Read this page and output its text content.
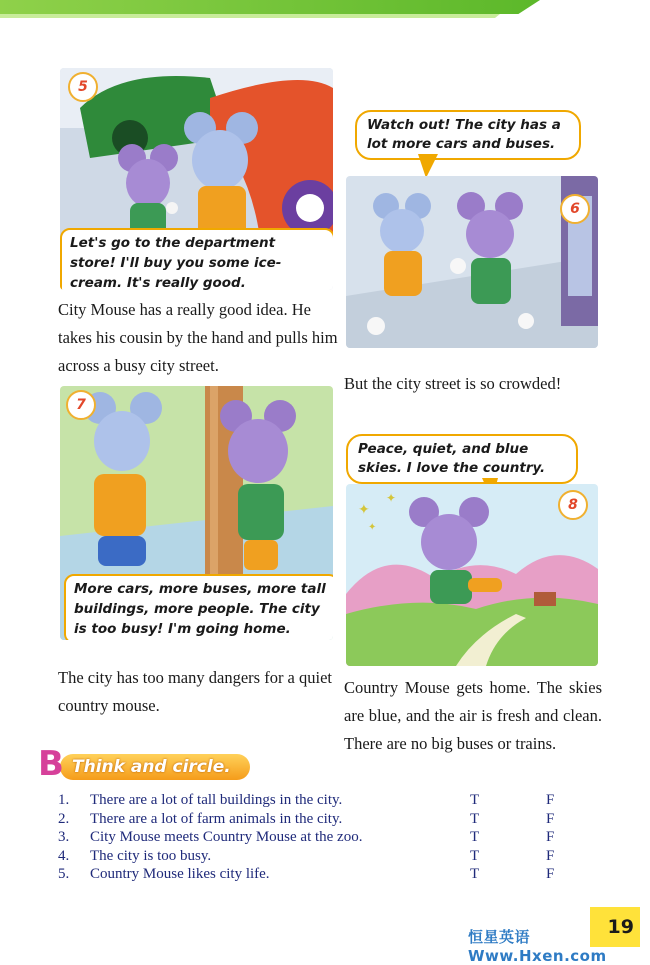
5
Let's go to the department store! I'll buy you some ice-cream. It's really good.
City Mouse has a really good idea. He takes his cousin by the hand and pulls him across a busy city street.
Watch out! The city has a lot more cars and buses.
6
But the city street is so crowded!
7
More cars, more buses, more tall buildings, more people. The city is too busy! I'm going home.
The city has too many dangers for a quiet country mouse.
Peace, quiet, and blue skies. I love the country.
✦
✦
✦
8
Country Mouse gets home. The skies are blue, and the air is fresh and clean. There are no big buses or trains.
B Think and circle.
1.	There are a lot of tall buildings in the city.	T	F
2.	There are a lot of farm animals in the city.	T	F
3.	City Mouse meets Country Mouse at the zoo.	T	F
4.	The city is too busy.	T	F
5.	Country Mouse likes city life.	T	F
恒星英语 Www.Hxen.com
19
